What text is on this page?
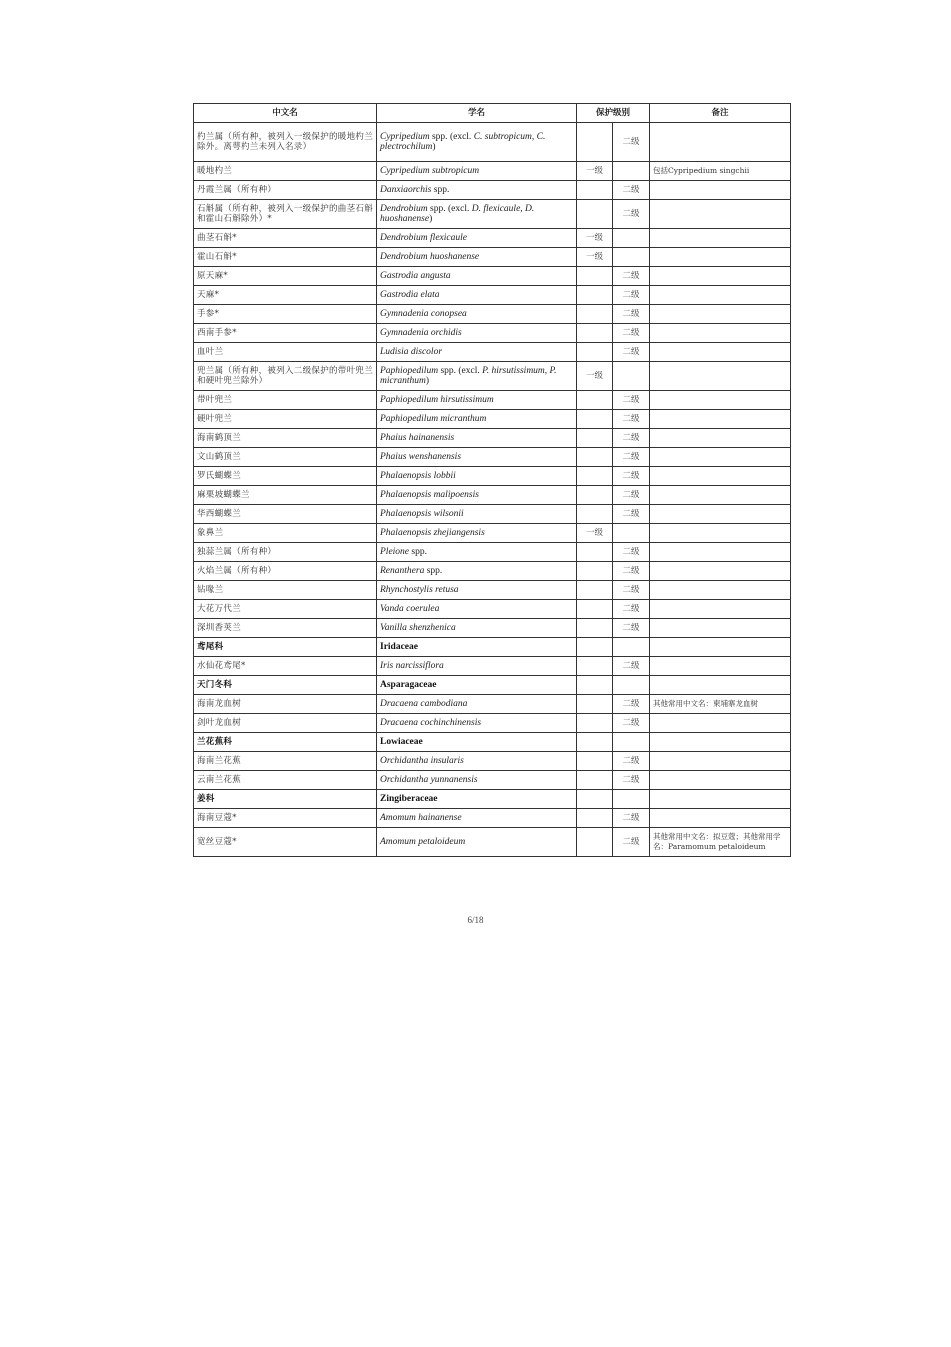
中文名	学名	保护级别		备注
杓兰属（所有种，被列入一级保护的暖地杓兰除外。离萼杓兰未列入名录）	Cypripedium spp. (excl. C. subtropicum, C. plectrochilum)		二级	
暖地杓兰	Cypripedium subtropicum	一级		包括Cypripedium singchii
丹霞兰属（所有种）	Danxiaorchis spp.		二级	
石斛属（所有种，被列入一级保护的曲茎石斛和霍山石斛除外）*	Dendrobium spp. (excl. D. flexicaule, D. huoshanense)		二级	
曲茎石斛*	Dendrobium flexicaule	一级		
霍山石斛*	Dendrobium huoshanense	一级		
原天麻*	Gastrodia angusta		二级	
天麻*	Gastrodia elata		二级	
手参*	Gymnadenia conopsea		二级	
西南手参*	Gymnadenia orchidis		二级	
血叶兰	Ludisia discolor		二级	
兜兰属（所有种，被列入二级保护的带叶兜兰和硬叶兜兰除外）	Paphiopedilum spp. (excl. P. hirsutissimum, P. micranthum)	一级		
带叶兜兰	Paphiopedilum hirsutissimum		二级	
硬叶兜兰	Paphiopedilum micranthum		二级	
海南鹤顶兰	Phaius hainanensis		二级	
文山鹤顶兰	Phaius wenshanensis		二级	
罗氏蝴蝶兰	Phalaenopsis lobbii		二级	
麻栗坡蝴蝶兰	Phalaenopsis malipoensis		二级	
华西蝴蝶兰	Phalaenopsis wilsonii		二级	
象鼻兰	Phalaenopsis zhejiangensis	一级		
独蒜兰属（所有种）	Pleione spp.		二级	
火焰兰属（所有种）	Renanthera spp.		二级	
钻喙兰	Rhynchostylis retusa		二级	
大花万代兰	Vanda coerulea		二级	
深圳香荚兰	Vanilla shenzhenica		二级	
鸢尾科	Iridaceae			
水仙花鸢尾*	Iris narcissiflora		二级	
天门冬科	Asparagaceae			
海南龙血树	Dracaena cambodiana		二级	其他常用中文名：柬埔寨龙血树
剑叶龙血树	Dracaena cochinchinensis		二级	
兰花蕉科	Lowiaceae			
海南兰花蕉	Orchidantha insularis		二级	
云南兰花蕉	Orchidantha yunnanensis		二级	
姜科	Zingiberaceae			
海南豆蔻*	Amomum hainanense		二级	
宽丝豆蔻*	Amomum petaloideum		二级	其他常用中文名：拟豆蔻；其他常用学名：Paramomum petaloideum
6/18
